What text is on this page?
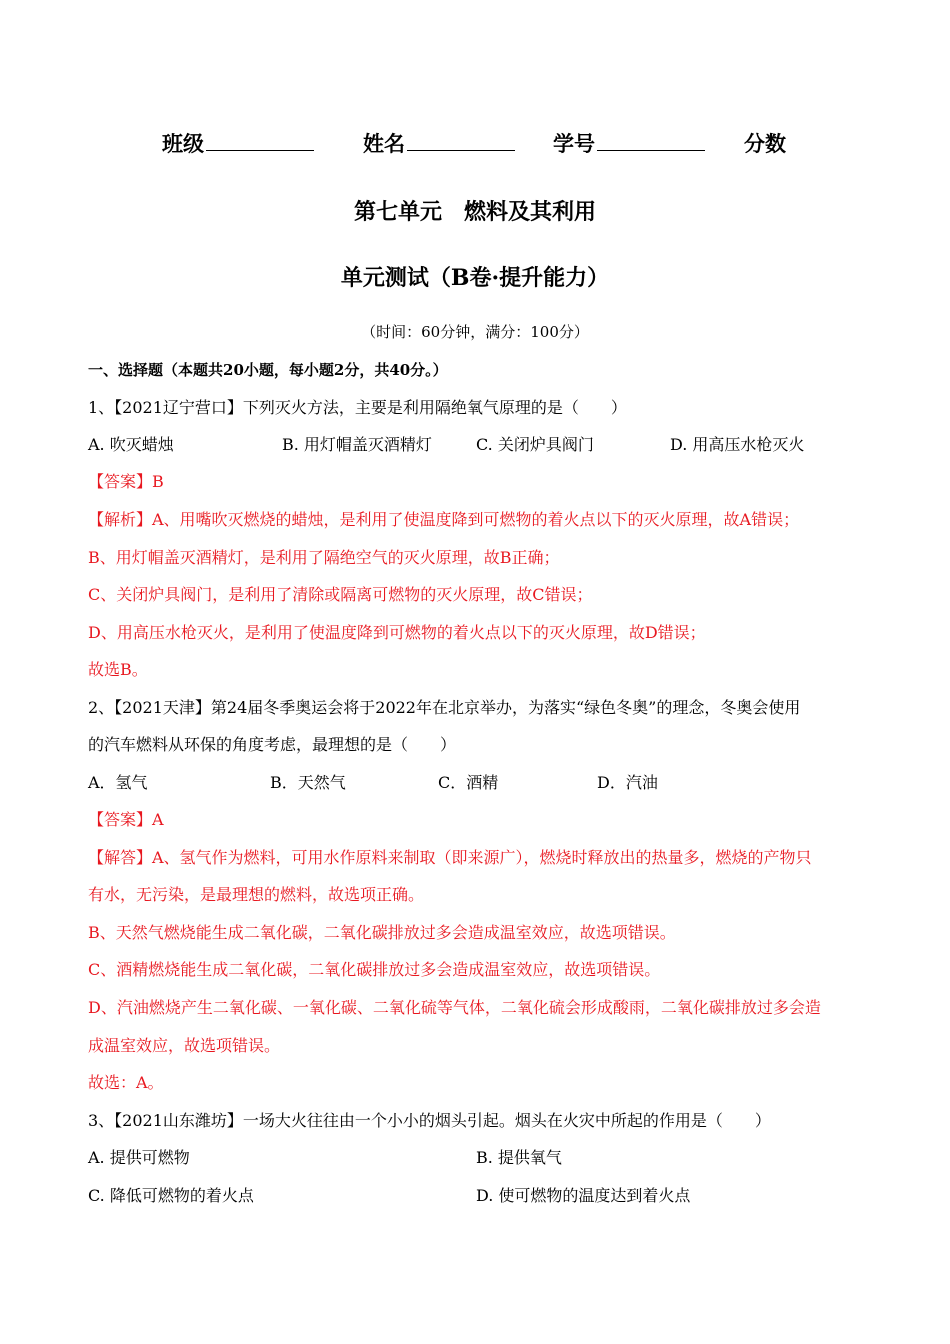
班级	姓名	学号	分数
第七单元　燃料及其利用
单元测试（B卷·提升能力）
（时间：60分钟，满分：100分）
一、选择题（本题共20小题，每小题2分，共40分。）
1、【2021辽宁营口】下列灭火方法，主要是利用隔绝氧气原理的是（　　）
A. 吹灭蜡烛	B. 用灯帽盖灭酒精灯	C. 关闭炉具阀门	D. 用高压水枪灭火
【答案】B
【解析】A、用嘴吹灭燃烧的蜡烛，是利用了使温度降到可燃物的着火点以下的灭火原理，故A错误；
B、用灯帽盖灭酒精灯，是利用了隔绝空气的灭火原理，故B正确；
C、关闭炉具阀门，是利用了清除或隔离可燃物的灭火原理，故C错误；
D、用高压水枪灭火，是利用了使温度降到可燃物的着火点以下的灭火原理，故D错误；
故选B。
2、【2021天津】第24届冬季奥运会将于2022年在北京举办，为落实“绿色冬奥”的理念，冬奥会使用
的汽车燃料从环保的角度考虑，最理想的是（　　）
A．氢气	B．天然气	C．酒精	D．汽油
【答案】A
【解答】A、氢气作为燃料，可用水作原料来制取（即来源广），燃烧时释放出的热量多，燃烧的产物只
有水，无污染，是最理想的燃料，故选项正确。
B、天然气燃烧能生成二氧化碳，二氧化碳排放过多会造成温室效应，故选项错误。
C、酒精燃烧能生成二氧化碳，二氧化碳排放过多会造成温室效应，故选项错误。
D、汽油燃烧产生二氧化碳、一氧化碳、二氧化硫等气体，二氧化硫会形成酸雨，二氧化碳排放过多会造
成温室效应，故选项错误。
故选：A。
3、【2021山东潍坊】一场大火往往由一个小小的烟头引起。烟头在火灾中所起的作用是（　　）
A. 提供可燃物	B. 提供氧气
C. 降低可燃物的着火点	D. 使可燃物的温度达到着火点
